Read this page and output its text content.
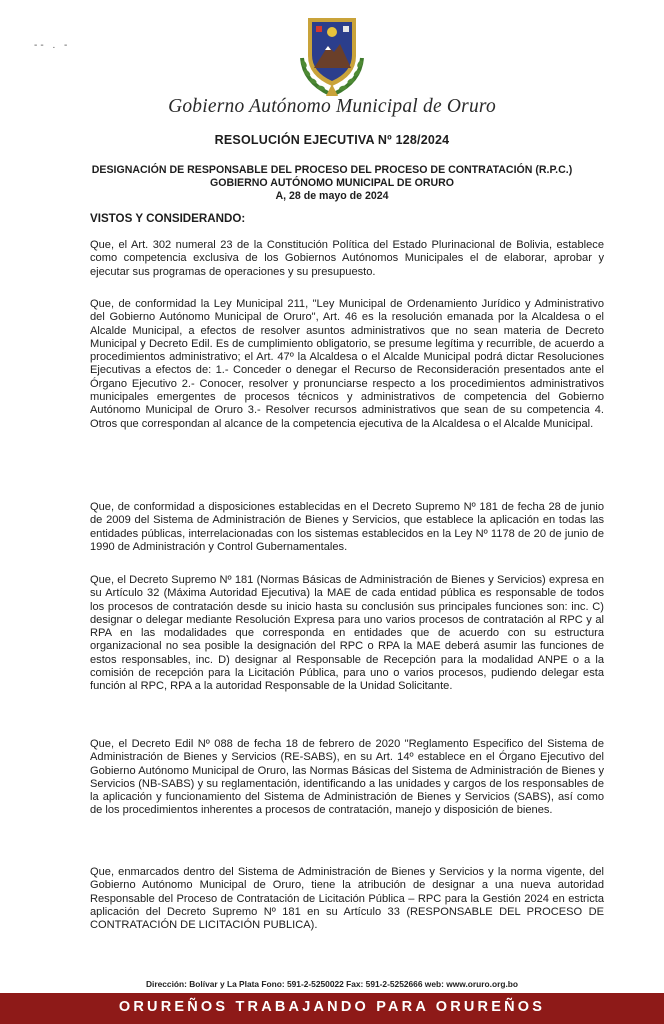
-- . -
Gobierno Autónomo Municipal de Oruro
RESOLUCIÓN EJECUTIVA Nº 128/2024
DESIGNACIÓN DE RESPONSABLE DEL PROCESO DEL PROCESO DE CONTRATACIÓN (R.P.C.)
GOBIERNO AUTÓNOMO MUNICIPAL DE ORURO
A, 28 de mayo de 2024
VISTOS Y CONSIDERANDO:

Que, el Art. 302 numeral 23 de la Constitución Política del Estado Plurinacional de Bolivia, establece como competencia exclusiva de los Gobiernos Autónomos Municipales el de elaborar, aprobar y ejecutar sus programas de operaciones y su presupuesto.

Que, de conformidad la Ley Municipal 211, "Ley Municipal de Ordenamiento Jurídico y Administrativo del Gobierno Autónomo Municipal de Oruro", Art. 46 es la resolución emanada por la Alcaldesa o el Alcalde Municipal, a efectos de resolver asuntos administrativos que no sean materia de Decreto Municipal y Decreto Edil. Es de cumplimiento obligatorio, se presume legítima y recurrible, de acuerdo a procedimientos administrativo; el Art. 47º la Alcaldesa o el Alcalde Municipal podrá dictar Resoluciones Ejecutivas a efectos de: 1.- Conceder o denegar el Recurso de Reconsideración presentados ante el Órgano Ejecutivo 2.- Conocer, resolver y pronunciarse respecto a los procedimientos administrativos municipales emergentes de procesos técnicos y administrativos de competencia del Gobierno Autónomo Municipal de Oruro 3.- Resolver recursos administrativos que sean de su competencia 4. Otros que correspondan al alcance de la competencia ejecutiva de la Alcaldesa o el Alcalde Municipal.

Que, de conformidad a disposiciones establecidas en el Decreto Supremo Nº 181 de fecha 28 de junio de 2009 del Sistema de Administración de Bienes y Servicios, que establece la aplicación en todas las entidades públicas, interrelacionadas con los sistemas establecidos en la Ley Nº 1178 de 20 de junio de 1990 de Administración y Control Gubernamentales.

Que, el Decreto Supremo Nº 181 (Normas Básicas de Administración de Bienes y Servicios) expresa en su Artículo 32 (Máxima Autoridad Ejecutiva) la MAE de cada entidad pública es responsable de todos los procesos de contratación desde su inicio hasta su conclusión sus principales funciones son: inc. C) designar o delegar mediante Resolución Expresa para uno varios procesos de contratación al RPC y al RPA en las modalidades que corresponda en entidades que de acuerdo con su estructura organizacional no sea posible la designación del RPC o RPA la MAE deberá asumir las funciones de estos responsables, inc. D) designar al Responsable de Recepción para la modalidad ANPE o a la comisión de recepción para la Licitación Pública, para uno o varios procesos, pudiendo delegar esta función al RPC, RPA a la autoridad Responsable de la Unidad Solicitante.

Que, el Decreto Edil Nº 088 de fecha 18 de febrero de 2020 "Reglamento Especifico del Sistema de Administración de Bienes y Servicios (RE-SABS), en su Art. 14º establece en el Órgano Ejecutivo del Gobierno Autónomo Municipal de Oruro, las Normas Básicas del Sistema de Administración de Bienes y Servicios (NB-SABS) y su reglamentación, identificando a las unidades y cargos de los responsables de la aplicación y funcionamiento del Sistema de Administración de Bienes y Servicios (SABS), así como de los procedimientos inherentes a procesos de contratación, manejo y disposición de bienes.

Que, enmarcados dentro del Sistema de Administración de Bienes y Servicios y la norma vigente, del Gobierno Autónomo Municipal de Oruro, tiene la atribución de designar a una nueva autoridad Responsable del Proceso de Contratación de Licitación Pública – RPC para la Gestión 2024 en estricta aplicación del Decreto Supremo Nº 181 en su Artículo 33 (RESPONSABLE DEL PROCESO DE CONTRATACIÓN DE LICITACIÓN PUBLICA).

Dirección: Bolívar y La Plata Fono: 591-2-5250022 Fax: 591-2-5252666 web: www.oruro.org.bo
ORUREÑOS TRABAJANDO PARA ORUREÑOS
